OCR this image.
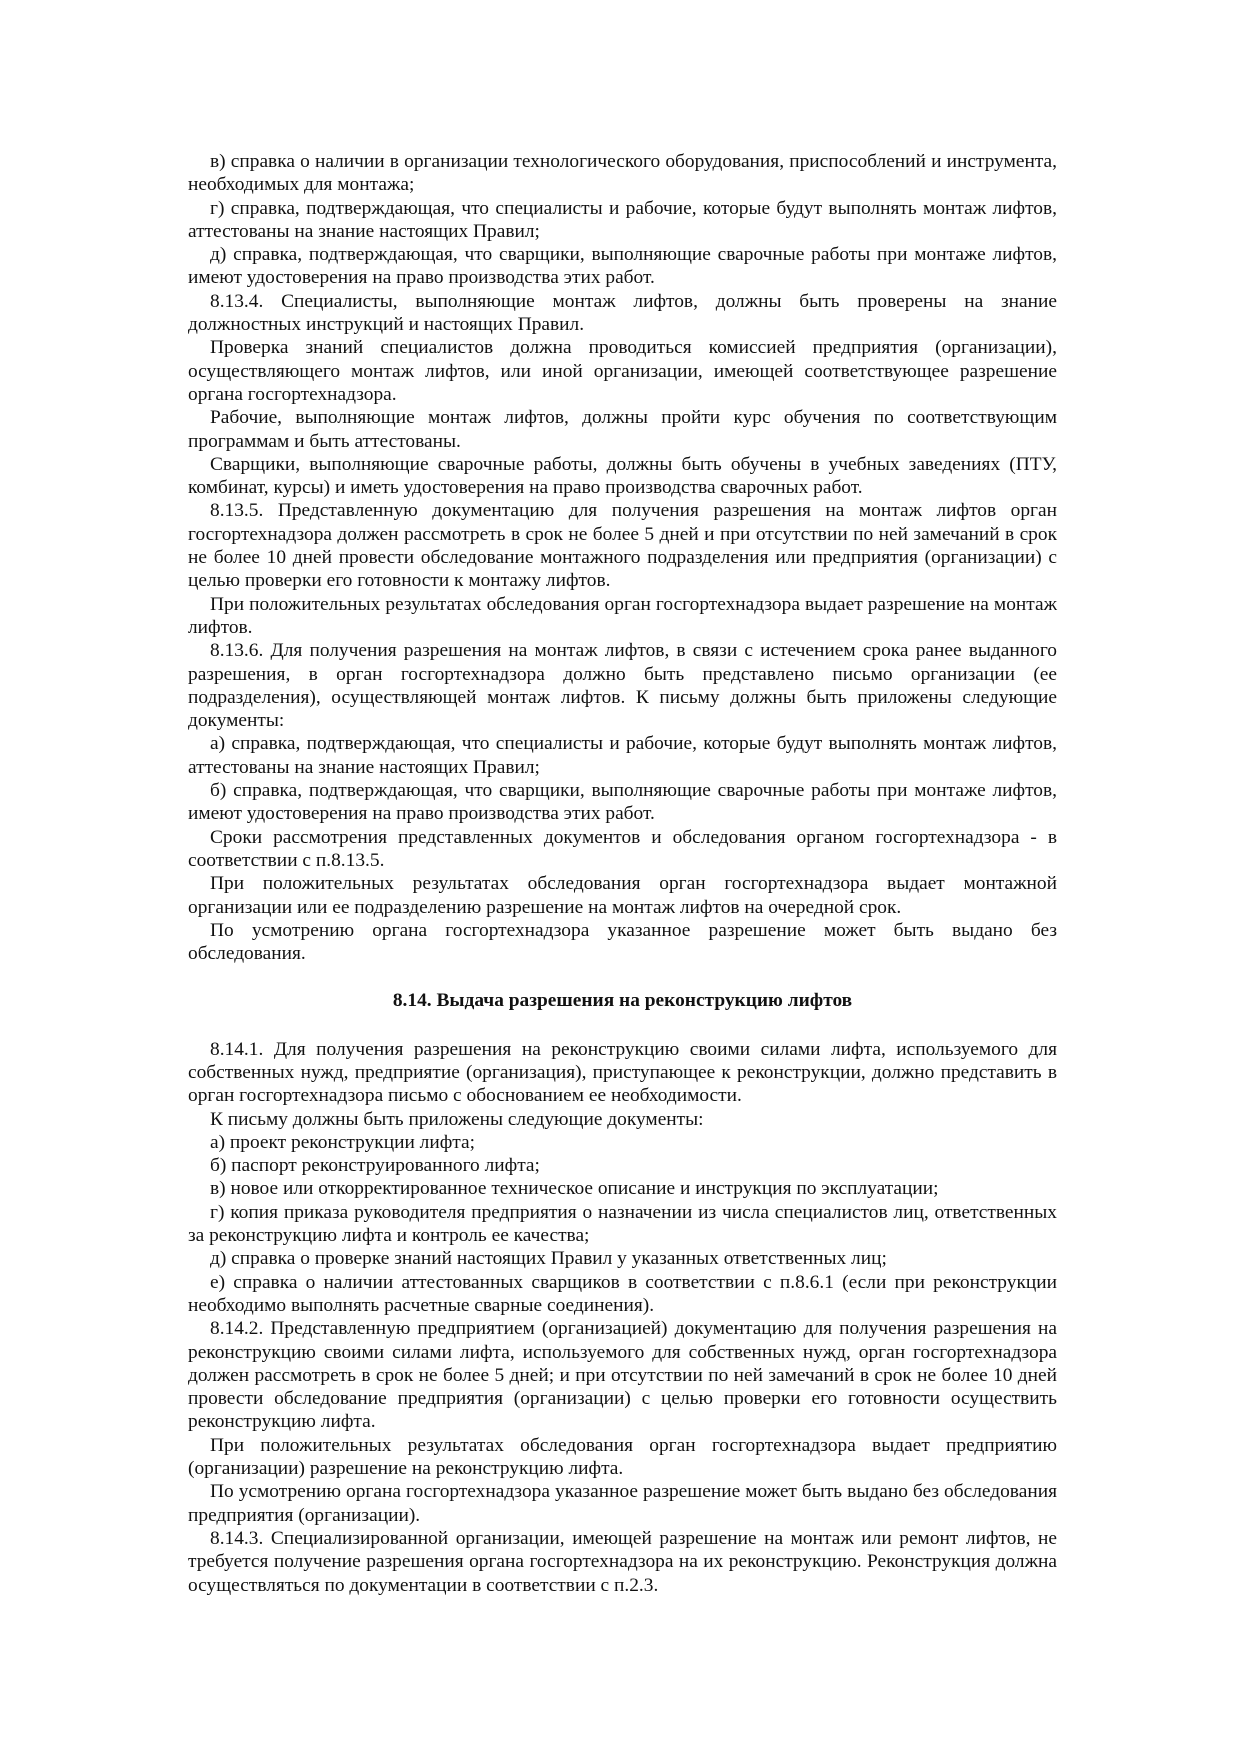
в) справка о наличии в организации технологического оборудования, приспособлений и инструмента, необходимых для монтажа;

г) справка, подтверждающая, что специалисты и рабочие, которые будут выполнять монтаж лифтов, аттестованы на знание настоящих Правил;

д) справка, подтверждающая, что сварщики, выполняющие сварочные работы при монтаже лифтов, имеют удостоверения на право производства этих работ.

8.13.4. Специалисты, выполняющие монтаж лифтов, должны быть проверены на знание должностных инструкций и настоящих Правил.

Проверка знаний специалистов должна проводиться комиссией предприятия (организации), осуществляющего монтаж лифтов, или иной организации, имеющей соответствующее разрешение органа госгортехнадзора.

Рабочие, выполняющие монтаж лифтов, должны пройти курс обучения по соответствующим программам и быть аттестованы.

Сварщики, выполняющие сварочные работы, должны быть обучены в учебных заведениях (ПТУ, комбинат, курсы) и иметь удостоверения на право производства сварочных работ.

8.13.5. Представленную документацию для получения разрешения на монтаж лифтов орган госгортехнадзора должен рассмотреть в срок не более 5 дней и при отсутствии по ней замечаний в срок не более 10 дней провести обследование монтажного подразделения или предприятия (организации) с целью проверки его готовности к монтажу лифтов.

При положительных результатах обследования орган госгортехнадзора выдает разрешение на монтаж лифтов.

8.13.6. Для получения разрешения на монтаж лифтов, в связи с истечением срока ранее выданного разрешения, в орган госгортехнадзора должно быть представлено письмо организации (ее подразделения), осуществляющей монтаж лифтов. К письму должны быть приложены следующие документы:

а) справка, подтверждающая, что специалисты и рабочие, которые будут выполнять монтаж лифтов, аттестованы на знание настоящих Правил;

б) справка, подтверждающая, что сварщики, выполняющие сварочные работы при монтаже лифтов, имеют удостоверения на право производства этих работ.

Сроки рассмотрения представленных документов и обследования органом госгортехнадзора - в соответствии с п.8.13.5.

При положительных результатах обследования орган госгортехнадзора выдает монтажной организации или ее подразделению разрешение на монтаж лифтов на очередной срок.

По усмотрению органа госгортехнадзора указанное разрешение может быть выдано без обследования.

8.14. Выдача разрешения на реконструкцию лифтов

8.14.1. Для получения разрешения на реконструкцию своими силами лифта, используемого для собственных нужд, предприятие (организация), приступающее к реконструкции, должно представить в орган госгортехнадзора письмо с обоснованием ее необходимости.

К письму должны быть приложены следующие документы:

а) проект реконструкции лифта;

б) паспорт реконструированного лифта;

в) новое или откорректированное техническое описание и инструкция по эксплуатации;

г) копия приказа руководителя предприятия о назначении из числа специалистов лиц, ответственных за реконструкцию лифта и контроль ее качества;

д) справка о проверке знаний настоящих Правил у указанных ответственных лиц;

е) справка о наличии аттестованных сварщиков в соответствии с п.8.6.1 (если при реконструкции необходимо выполнять расчетные сварные соединения).

8.14.2. Представленную предприятием (организацией) документацию для получения разрешения на реконструкцию своими силами лифта, используемого для собственных нужд, орган госгортехнадзора должен рассмотреть в срок не более 5 дней; и при отсутствии по ней замечаний в срок не более 10 дней провести обследование предприятия (организации) с целью проверки его готовности осуществить реконструкцию лифта.

При положительных результатах обследования орган госгортехнадзора выдает предприятию (организации) разрешение на реконструкцию лифта.

По усмотрению органа госгортехнадзора указанное разрешение может быть выдано без обследования предприятия (организации).

8.14.3. Специализированной организации, имеющей разрешение на монтаж или ремонт лифтов, не требуется получение разрешения органа госгортехнадзора на их реконструкцию. Реконструкция должна осуществляться по документации в соответствии с п.2.3.
